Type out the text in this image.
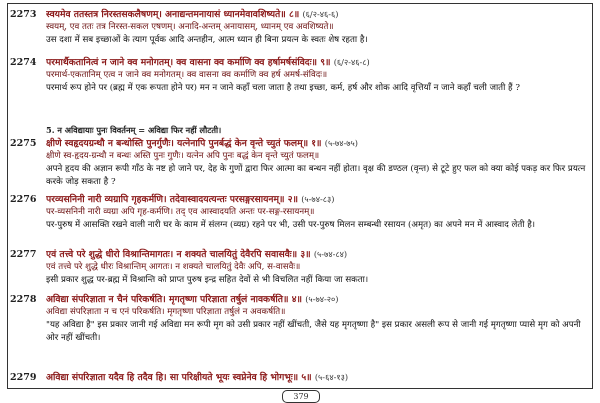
2273	स्वयमेव ततस्तत्र निरस्तसकलैषणम्। अनाद्यन्तमनायासं ध्यानमेवावशिष्यते॥ ८॥ (६/२-४६-६)
स्वयम्, एव ततः तत्र निरस्त-सकल एषणम्। अनादि-अन्तम् अनायासम्, ध्यानम् एव अवशिष्यते॥
उस दशा में सब इच्छाओं के त्याग पूर्वक आदि अन्तहीन, आत्म ध्यान ही बिना प्रयत्न के स्वतः शेष रहता है।
2274	परमार्थैकतानित्वं न जाने क्व मनोगतम्। क्व वासना क्व कर्माणि क्व हर्षामर्षसंविदः॥ ९॥ (६/२-४६-८)
परमार्थ-एकतानिम् एत्व न जाने क्व मनोगतम्। क्व वासना क्व कर्माणि क्व हर्ष अमर्ष-संविदः॥
परमार्थ रूप होने पर (ब्रह्म में एक रूपता होने पर) मन न जाने कहाँ चला जाता है तथा इच्छा, कर्म, हर्ष और शोक आदि वृत्तियाँ न जाने कहाँ चली जाती हैं ?
5. न अविद्यायाः पुनः विवर्तनम् = अविद्या फिर नहीं लौटती।
2275	क्षीणे स्वहृदयग्रन्थौ न बन्धोस्ति पुनर्गुणैः। यत्नेनापि पुनर्बद्धं केन वृन्ते च्युतं फलम्॥ १॥ (५-७४-७५)
क्षीणे स्व-हृदय-ग्रन्थौ न बन्धः अस्ति पुनः गुणैः। यत्नेन अपि पुनः बद्धं केन वृन्ते च्युतं फलम्॥
अपने हृदय की अज्ञान रूपी गाँठ के नष्ट हो जाने पर, देह के गुणों द्वारा फिर आत्मा का बन्धन नहीं होता। वृक्ष की डण्ठल (वृन्त) से टूटे हुए फल को क्या कोई पकड़ कर फिर प्रयत्न करके जोड़ सकता है ?
2276	परव्यसनिनी नारी व्यग्रापि गृहकर्मणि। तदेवास्वादयत्यन्तः परसङ्गरसायनम्॥ २॥ (५-७४-८३)
पर-व्यसनिनी नारी व्यग्रा अपि गृह-कर्मणि। तद् एव आस्वादयति अन्तः पर-सङ्ग-रसायनम्॥
पर-पुरुष में आसक्ति रखने वाली नारी घर के काम में संलग्न (व्यग्र) रहने पर भी, उसी पर-पुरुष मिलन सम्बन्धी रसायन (अमृत) का अपने मन में आस्वाद लेती है।
2277	एवं तत्त्वे परे शुद्धे धीरो विश्रान्तिमागतः। न शक्यते चालयितुं देवैरपि सवासवैः॥ ३॥ (५-७४-८४)
एवं तत्त्वे परे शुद्धे धीरः विश्रान्तिम् आगतः। न शक्यते चालयितुं देवैः अपि, स-वासवैः॥
इसी प्रकार शुद्ध पर-ब्रह्म में विश्रान्ति को प्राप्त पुरुष इन्द्र सहित देवों से भी विचलित नहीं किया जा सकता।
2278	अविद्या संपरिज्ञाता न चैनं परिकर्षति। मृगतृष्णा परिज्ञाता तर्षुलं नावकर्षति॥ ४॥ (५-७४-२०)
अविद्या संपरिज्ञाता न च एनं परिकर्षति। मृगतृष्णा परिज्ञाता तर्षुलं न अवकर्षति॥
"यह अविद्या है" इस प्रकार जानी गई अविद्या मन रूपी मृग को उसी प्रकार नहीं खींचती, जैसे यह मृगतृष्णा है" इस प्रकार असली रूप से जानी गई मृगतृष्णा प्यासे मृग को अपनी ओर नहीं खींचती।
2279	अविद्या संपरिज्ञाता यदैव हि तदैव हि। सा परिक्षीयते भूयः स्वप्नेनेव हि भोगभूः॥ ५॥ (५-६४-१३)
379
